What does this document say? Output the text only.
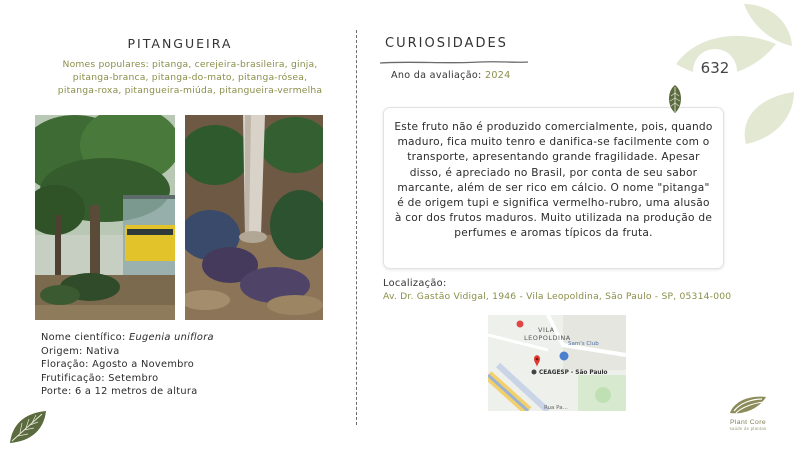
PITANGUEIRA
Nomes populares: pitanga, cerejeira-brasileira, ginja,
pitanga-branca, pitanga-do-mato, pitanga-rósea,
pitanga-roxa, pitangueira-miúda, pitangueira-vermelha
Nome científico: Eugenia uniflora
Origem: Nativa
Floração: Agosto a Novembro
Frutificação: Setembro
Porte: 6 a 12 metros de altura
CURIOSIDADES
Ano da avaliação: 2024

Este fruto não é produzido comercialmente, pois, quando maduro, fica muito tenro e danifica-se facilmente com o transporte, apresentando grande fragilidade. Apesar disso, é apreciado no Brasil, por conta de seu sabor marcante, além de ser rico em cálcio. O nome "pitanga" é de origem tupi e significa vermelho-rubro, uma alusão à cor dos frutos maduros. Muito utilizada na produção de perfumes e aromas típicos da fruta.

Localização:
Av. Dr. Gastão Vidigal, 1946 - Vila Leopoldina, São Paulo - SP, 05314-000
VILA
LEOPOLDINA
Sam's Club
CEAGESP - São Paulo
Rua Pa...
632
Plant Core
saúde de plantas
